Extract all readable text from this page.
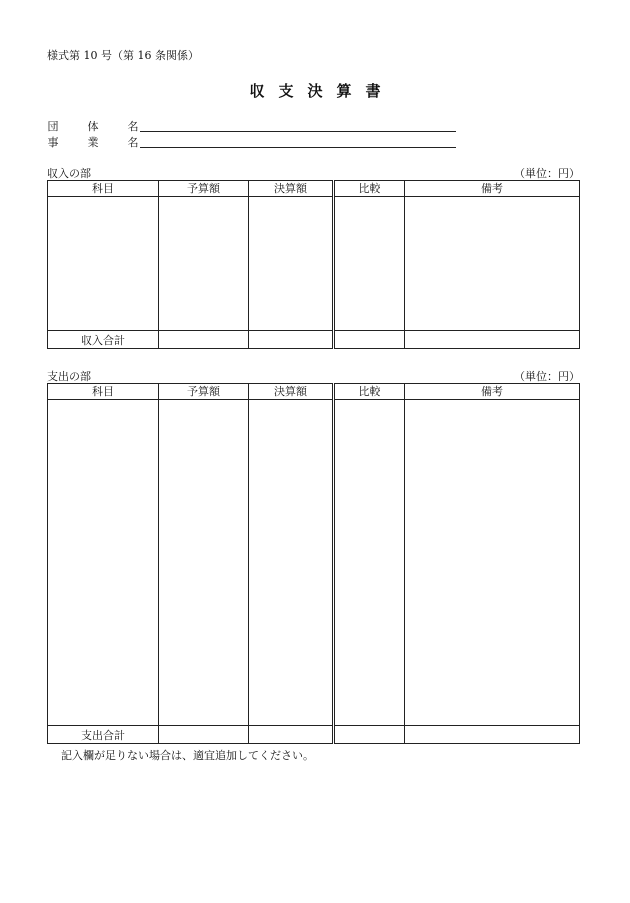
様式第 10 号（第 16 条関係）
収支決算書
団	体	名
事	業	名
収入の部	（単位：円）
科目	予算額	決算額	比較	備考

収入合計				
支出の部	（単位：円）
科目	予算額	決算額	比較	備考

支出合計				
記入欄が足りない場合は、適宜追加してください。
